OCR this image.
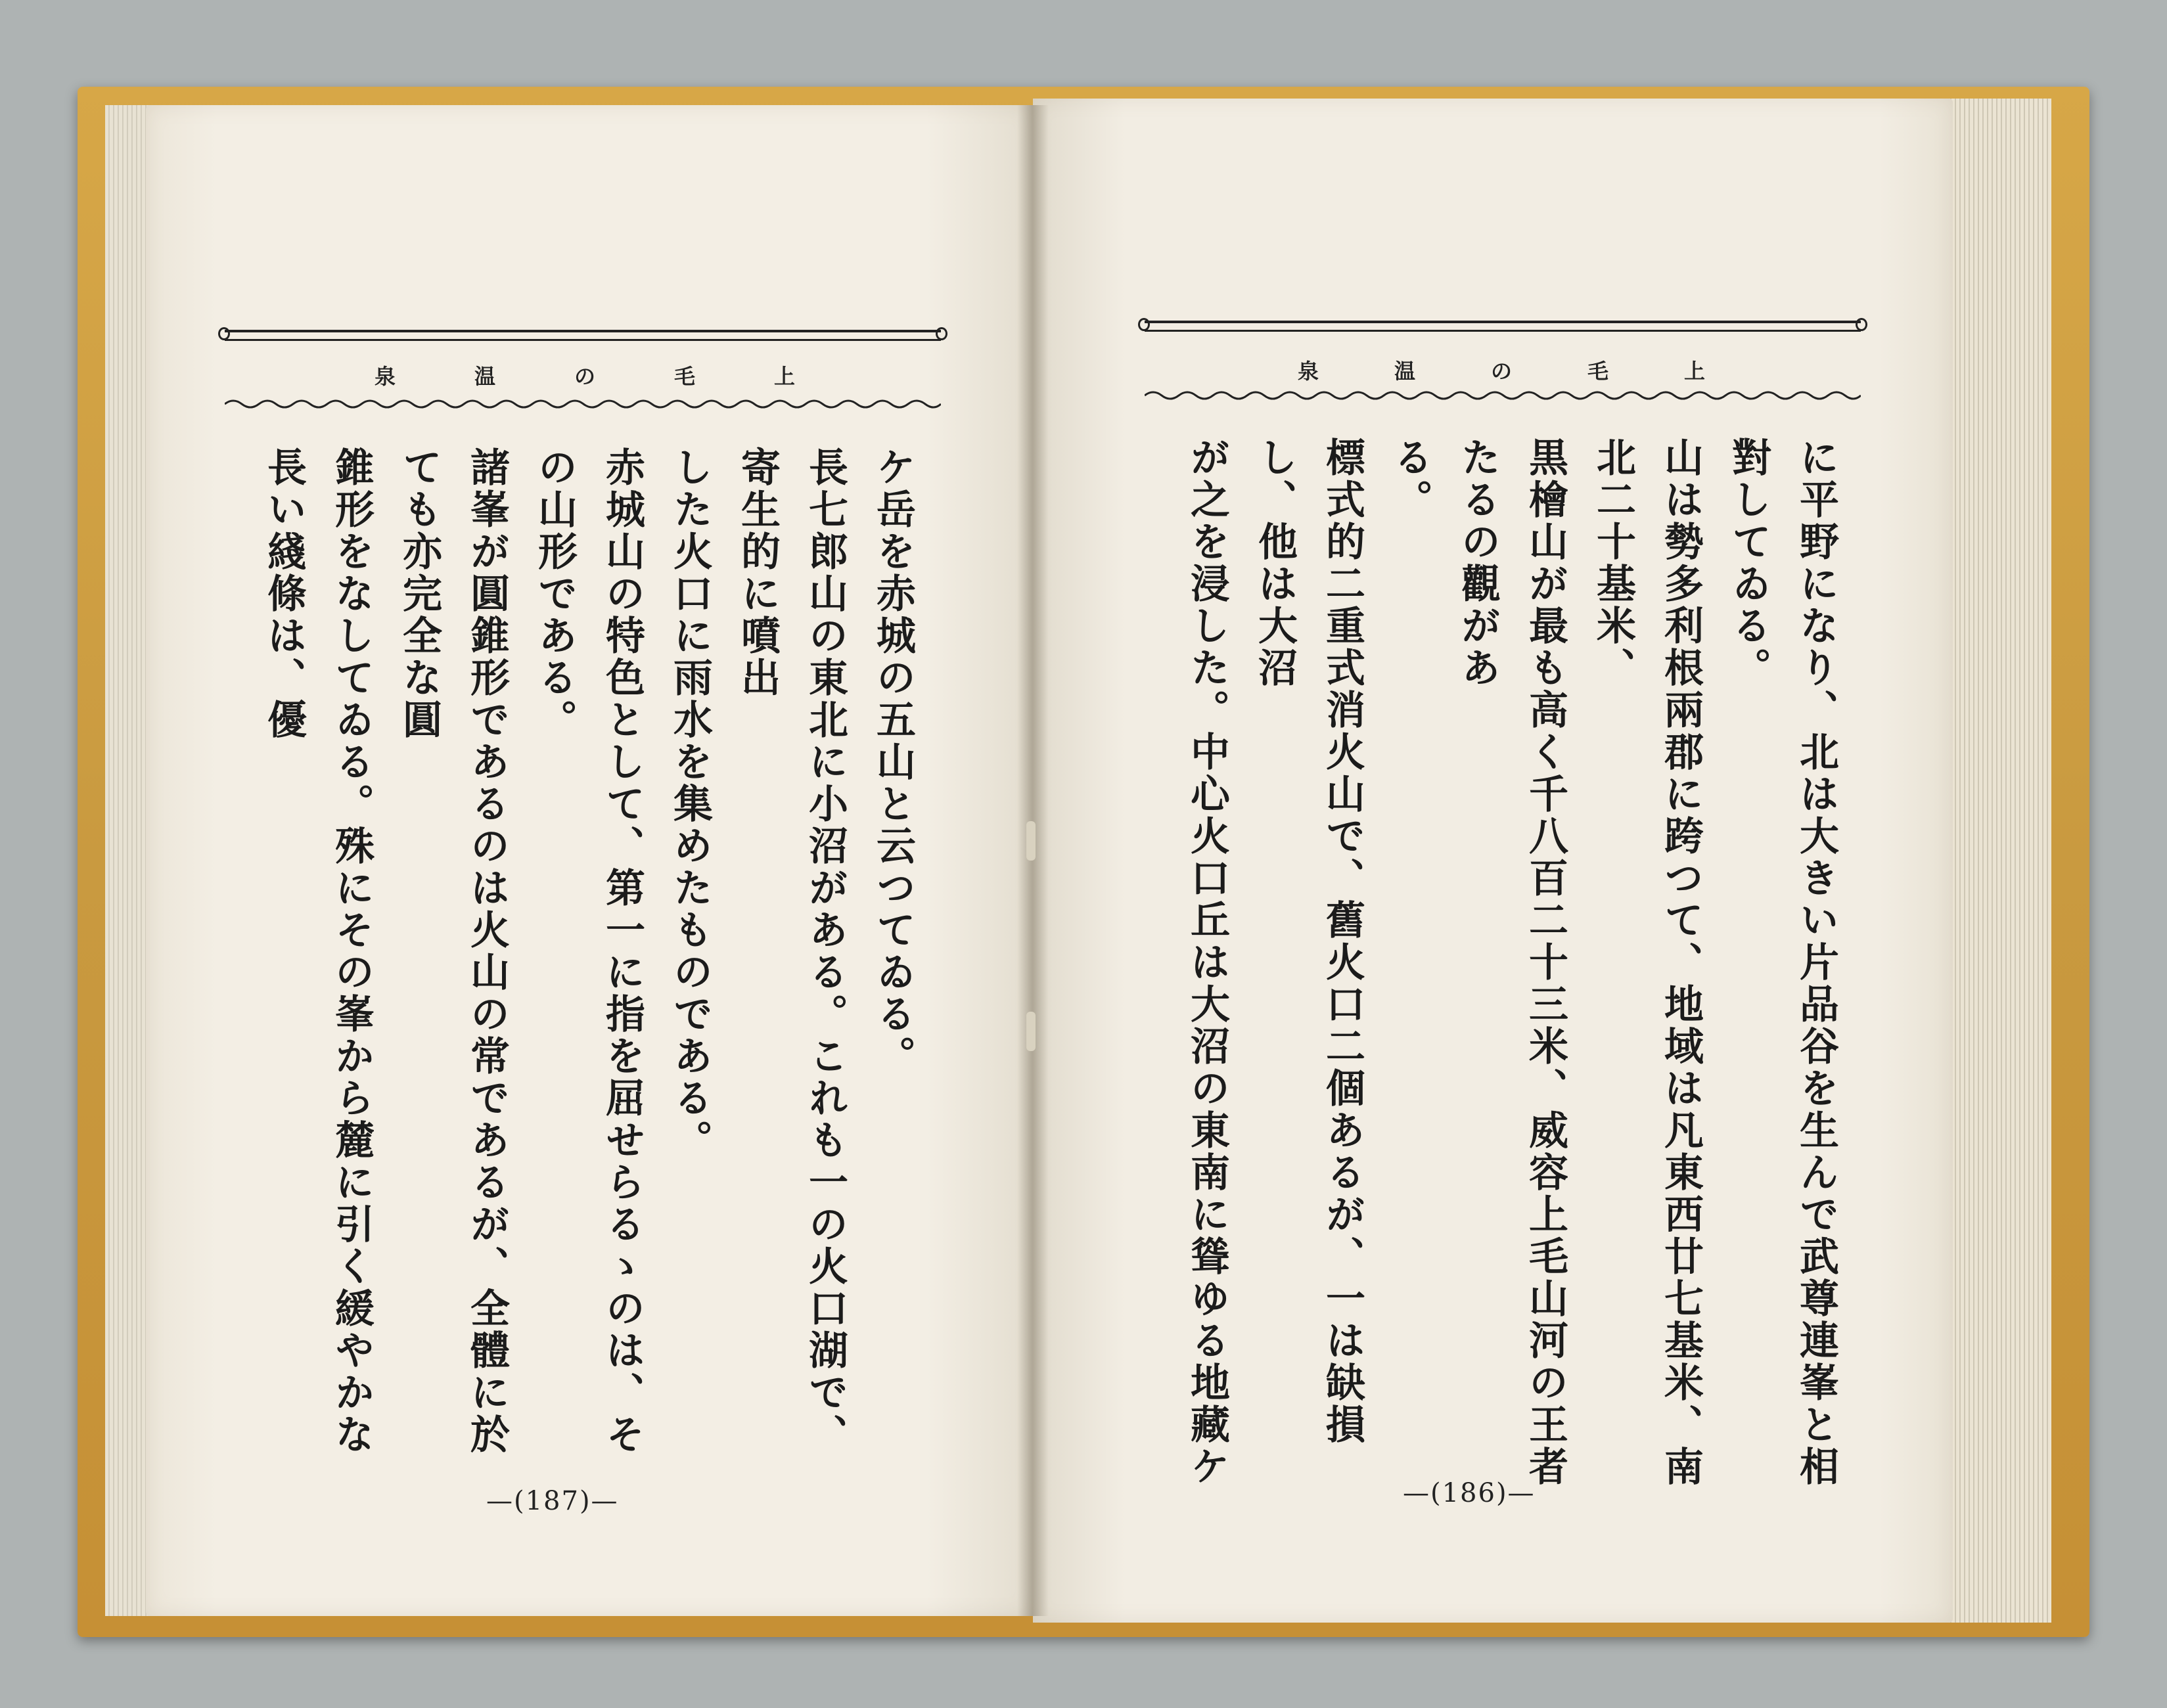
泉	温	の	毛	上
ケ岳を赤城の五山と云つてゐる。
長七郎山の東北に小沼がある。これも一の火口湖で、寄生的に噴出
した火口に雨水を集めたものである。
赤城山の特色として、第一に指を屈せらるゝのは、その山形である。
諸峯が圓錐形であるのは火山の常であるが、全體に於ても亦完全な圓
錐形をなしてゐる。殊にその峯から麓に引く緩やかな長い綫條は、優
—(187)—
泉	温	の	毛	上
に平野になり、北は大きい片品谷を生んで武尊連峯と相對してゐる。
山は勢多利根兩郡に跨つて、地域は凡東西廿七基米、南北二十基米、
黒檜山が最も高く千八百二十三米、威容上毛山河の王者たるの觀があ
る。
標式的二重式消火山で、舊火口二個あるが、一は缺損し、他は大沼
が之を浸した。中心火口丘は大沼の東南に聳ゆる地藏ケ
—(186)—
